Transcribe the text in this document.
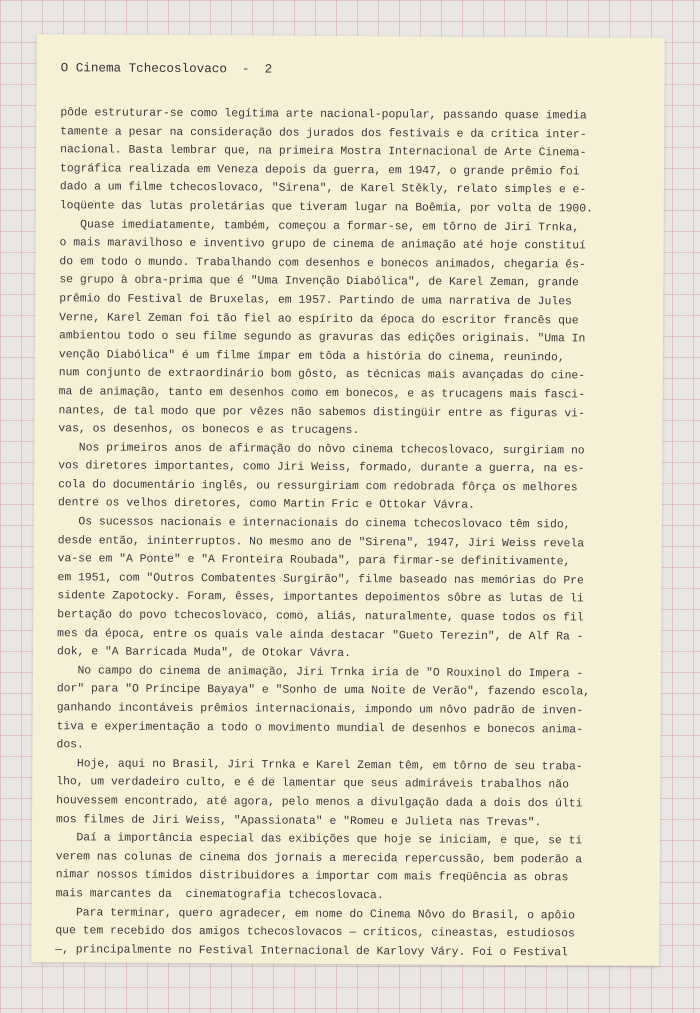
O Cinema Tchecoslovaco  -  2
pôde estruturar-se como legítima arte nacional-popular, passando quase imedia
tamente a pesar na consideração dos jurados dos festivais e da crítica inter-
nacional. Basta lembrar que, na primeira Mostra Internacional de Arte Cinema-
tográfica realizada em Veneza depois da guerra, em 1947, o grande prêmio foi
dado a um filme tchecoslovaco, "Sirena", de Karel Stěkly, relato simples e e-
loqüente das lutas proletárias que tiveram lugar na Boêmia, por volta de 1900.
Quase imediatamente, também, começou a formar-se, em tôrno de Jiri Trnka,
o mais maravilhoso e inventivo grupo de cinema de animação até hoje constituí
do em todo o mundo. Trabalhando com desenhos e bonecos animados, chegaria ês-
se grupo à obra-prima que é "Uma Invenção Diabólica", de Karel Zeman, grande
prêmio do Festival de Bruxelas, em 1957. Partindo de uma narrativa de Jules
Verne, Karel Zeman foi tão fiel ao espírito da época do escritor francês que
ambientou todo o seu filme segundo as gravuras das edições originais. "Uma In
venção Diabólica" é um filme ímpar em tôda a história do cinema, reunindo,
num conjunto de extraordinário bom gôsto, as técnicas mais avançadas do cine-
ma de animação, tanto em desenhos como em bonecos, e as trucagens mais fasci-
nantes, de tal modo que por vêzes não sabemos distingüir entre as figuras vi-
vas, os desenhos, os bonecos e as trucagens.
Nos primeiros anos de afirmação do nôvo cinema tchecoslovaco, surgiriam no
vos diretores importantes, como Jiri Weiss, formado, durante a guerra, na es-
cola do documentário inglês, ou ressurgiriam com redobrada fôrça os melhores
dentre os velhos diretores, como Martin Fric e Ottokar Vávra.
Os sucessos nacionais e internacionais do cinema tchecoslovaco têm sido,
desde então, ininterruptos. No mesmo ano de "Sirena", 1947, Jiri Weiss revela
va-se em "A Ponte" e "A Fronteira Roubada", para firmar-se definitivamente,
em 1951, com "Outros Combatentes Surgirão", filme baseado nas memórias do Pre
sidente Zapotocky. Foram, êsses, importantes depoimentos sôbre as lutas de li
bertação do povo tchecoslovaco, como, aliás, naturalmente, quase todos os fil
mes da época, entre os quais vale ainda destacar "Gueto Terezin", de Alf Ra -
dok, e "A Barricada Muda", de Otokar Vávra.
No campo do cinema de animação, Jiri Trnka iria de "O Rouxinol do Impera -
dor" para "O Príncipe Bayaya" e "Sonho de uma Noite de Verão", fazendo escola,
ganhando incontáveis prêmios internacionais, impondo um nôvo padrão de inven-
tiva e experimentação a todo o movimento mundial de desenhos e bonecos anima-
dos.
Hoje, aqui no Brasil, Jiri Trnka e Karel Zeman têm, em tôrno de seu traba-
lho, um verdadeiro culto, e é de lamentar que seus admiráveis trabalhos não
houvessem encontrado, até agora, pelo menos a divulgação dada a dois dos últi
mos filmes de Jiri Weiss, "Apassionata" e "Romeu e Julieta nas Trevas".
Daí a importância especial das exibições que hoje se iniciam, e que, se ti
verem nas colunas de cinema dos jornais a merecida repercussão, bem poderão a
nimar nossos tímidos distribuidores a importar com mais freqüência as obras
mais marcantes da  cinematografia tchecoslovaca.
Para terminar, quero agradecer, em nome do Cinema Nôvo do Brasil, o apôio
que tem recebido dos amigos tchecoslovacos — críticos, cineastas, estudiosos
—, principalmente no Festival Internacional de Karlovy Váry. Foi o Festival
